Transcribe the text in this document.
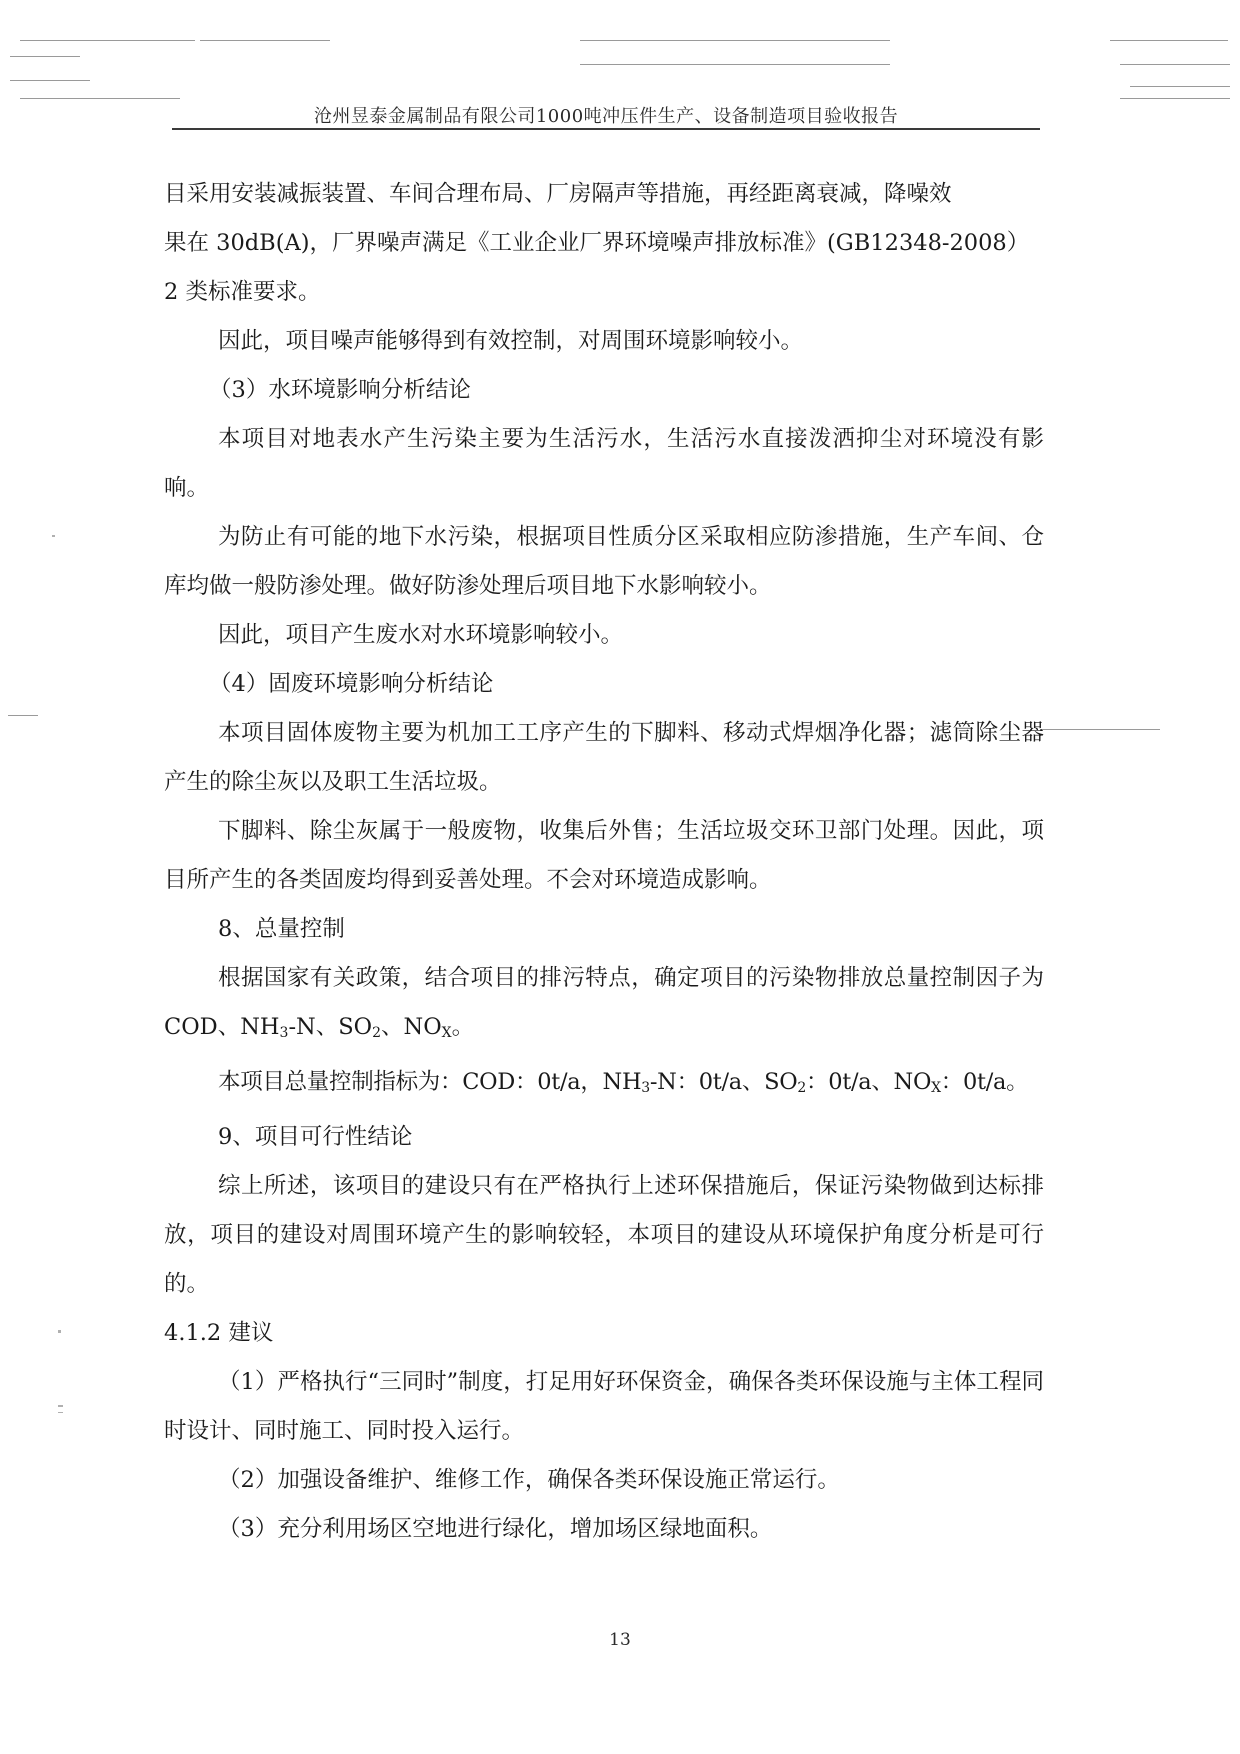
沧州昱泰金属制品有限公司1000吨冲压件生产、设备制造项目验收报告

目采用安装减振装置、车间合理布局、厂房隔声等措施，再经距离衰减，降噪效

果在 30dB(A)，厂界噪声满足《工业企业厂界环境噪声排放标准》(GB12348-2008）

2 类标准要求。

因此，项目噪声能够得到有效控制，对周围环境影响较小。

（3）水环境影响分析结论

本项目对地表水产生污染主要为生活污水，生活污水直接泼洒抑尘对环境没有影响。

为防止有可能的地下水污染，根据项目性质分区采取相应防渗措施，生产车间、仓库均做一般防渗处理。做好防渗处理后项目地下水影响较小。

因此，项目产生废水对水环境影响较小。

（4）固废环境影响分析结论

本项目固体废物主要为机加工工序产生的下脚料、移动式焊烟净化器；滤筒除尘器产生的除尘灰以及职工生活垃圾。

下脚料、除尘灰属于一般废物，收集后外售；生活垃圾交环卫部门处理。因此，项目所产生的各类固废均得到妥善处理。不会对环境造成影响。

8、总量控制

根据国家有关政策，结合项目的排污特点，确定项目的污染物排放总量控制因子为 COD、$NH_3-N$、$SO_2$、$NO_X$。

本项目总量控制指标为：COD：0t/a，$NH_3-N$：0t/a、$SO_2$：0t/a、$NO_X$：0t/a。

9、项目可行性结论

综上所述，该项目的建设只有在严格执行上述环保措施后，保证污染物做到达标排放，项目的建设对周围环境产生的影响较轻，本项目的建设从环境保护角度分析是可行的。

4.1.2 建议

（1）严格执行“三同时”制度，打足用好环保资金，确保各类环保设施与主体工程同时设计、同时施工、同时投入运行。

（2）加强设备维护、维修工作，确保各类环保设施正常运行。

（3）充分利用场区空地进行绿化，增加场区绿地面积。

13
